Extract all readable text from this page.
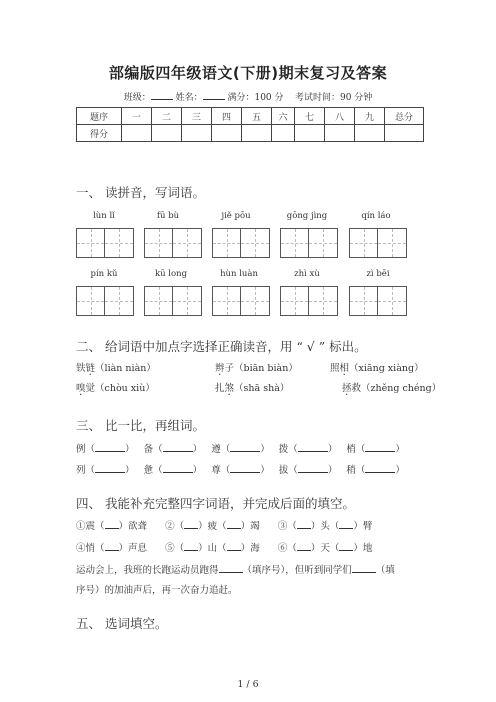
部编版四年级语文(下册)期末复习及答案
班级：	姓名：	满分：100 分 考试时间：90 分钟
题序	一	二	三	四	五	六	七	八	九	总分
得分										
一、 读拼音，写词语。
lùn lǐ	fū bù	jiě pōu	gōng jìng	qín láo
pín kǔ	kū long	hùn luàn	zhì xù	zì bēi
二、 给词语中加点字选择正确读音，用 “ √ ” 标出。
铁链（liàn niàn）	辫子（biān biàn）	照相（xiāng xiàng）
嗅觉（chòu xiù）	扎煞（shā shà）	拯救（zhěng chéng）
三、 比一比，再组词。
例（	）   备（	）   遵（	）   拨（	）   梢（	）
列（	）   惫（	）   尊（	）   拔（	）   稍（	）
四、 我能补充完整四字词语，并完成后面的填空。
①震（ ）欲聋 ②（ ）疲（ ）竭 ③（ ）头（ ）臂
④悄（ ）声息 ⑤（ ）山（ ）海 ⑥（ ）天（ ）地
运动会上，我班的长跑运动员跑得	（填序号），但听到同学们	（填
序号）的加油声后，再一次奋力追赶。
五、 选词填空。
1 / 6
